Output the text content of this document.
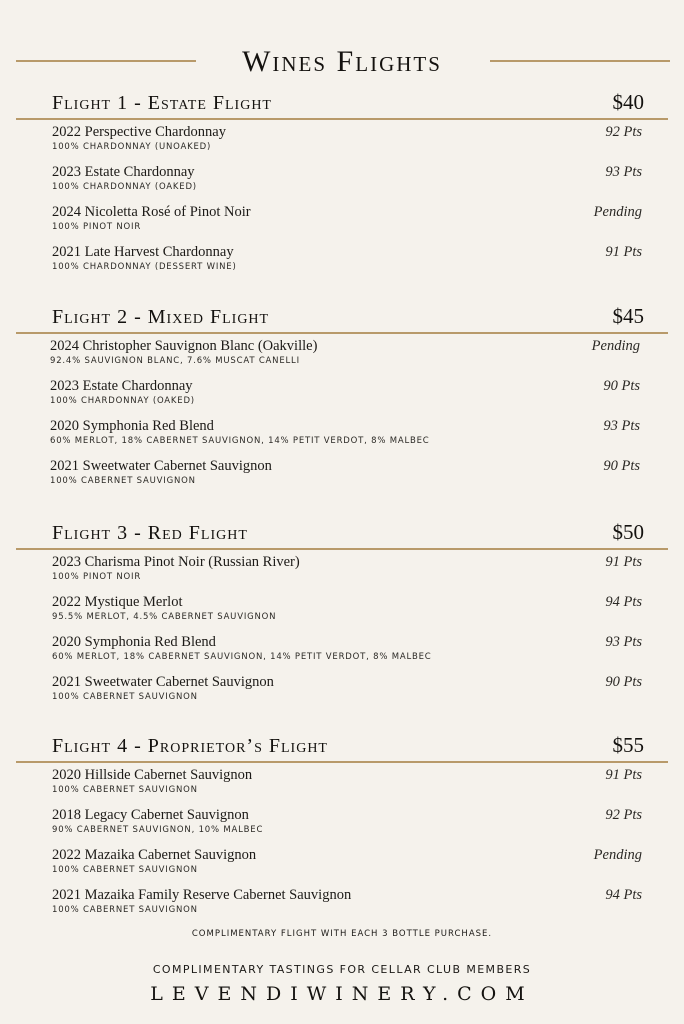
Wines Flights
Flight 1 - Estate Flight	$40
2022 Perspective Chardonnay
100% CHARDONNAY (UNOAKED)
92 Pts
2023 Estate Chardonnay
100% CHARDONNAY (OAKED)
93 Pts
2024 Nicoletta Rosé of Pinot Noir
100% PINOT NOIR
Pending
2021 Late Harvest Chardonnay
100% CHARDONNAY (DESSERT WINE)
91 Pts
Flight 2 - Mixed Flight	$45
2024 Christopher Sauvignon Blanc (Oakville)
92.4% SAUVIGNON BLANC, 7.6% MUSCAT CANELLI
Pending
2023 Estate Chardonnay
100% CHARDONNAY (OAKED)
90 Pts
2020 Symphonia Red Blend
60% MERLOT, 18% CABERNET SAUVIGNON, 14% PETIT VERDOT, 8% MALBEC
93 Pts
2021 Sweetwater Cabernet Sauvignon
100% CABERNET SAUVIGNON
90 Pts
Flight 3 - Red Flight	$50
2023 Charisma Pinot Noir (Russian River)
100% PINOT NOIR
91 Pts
2022 Mystique Merlot
95.5% MERLOT, 4.5% CABERNET SAUVIGNON
94 Pts
2020 Symphonia Red Blend
60% MERLOT, 18% CABERNET SAUVIGNON, 14% PETIT VERDOT, 8% MALBEC
93 Pts
2021 Sweetwater Cabernet Sauvignon
100% CABERNET SAUVIGNON
90 Pts
Flight 4 - Proprietor’s Flight	$55
2020 Hillside Cabernet Sauvignon
100% CABERNET SAUVIGNON
91 Pts
2018 Legacy Cabernet Sauvignon
90% CABERNET SAUVIGNON, 10% MALBEC
92 Pts
2022 Mazaika Cabernet Sauvignon
100% CABERNET SAUVIGNON
Pending
2021 Mazaika Family Reserve Cabernet Sauvignon
100% CABERNET SAUVIGNON
94 Pts

COMPLIMENTARY FLIGHT WITH EACH 3 BOTTLE PURCHASE.

COMPLIMENTARY TASTINGS FOR CELLAR CLUB MEMBERS

LEVENDIWINERY.COM
